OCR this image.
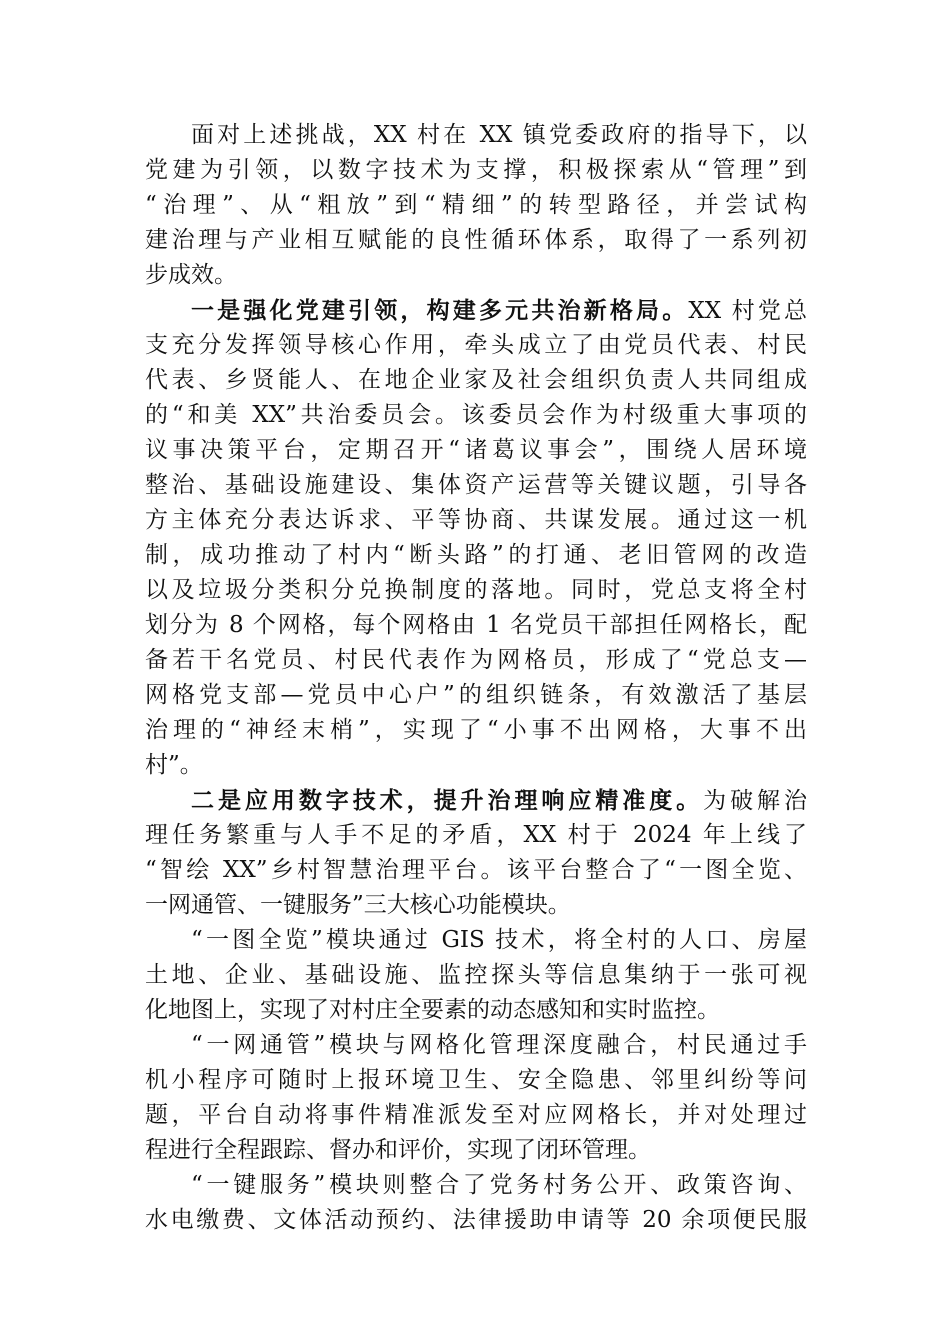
面对上述挑战，XX 村在 XX 镇党委政府的指导下，以
党建为引领，以数字技术为支撑，积极探索从“管理”到
“治理”、从“粗放”到“精细”的转型路径，并尝试构
建治理与产业相互赋能的良性循环体系，取得了一系列初
步成效。
一是强化党建引领，构建多元共治新格局。XX 村党总
支充分发挥领导核心作用，牵头成立了由党员代表、村民
代表、乡贤能人、在地企业家及社会组织负责人共同组成
的“和美 XX”共治委员会。该委员会作为村级重大事项的
议事决策平台，定期召开“诸葛议事会”，围绕人居环境
整治、基础设施建设、集体资产运营等关键议题，引导各
方主体充分表达诉求、平等协商、共谋发展。通过这一机
制，成功推动了村内“断头路”的打通、老旧管网的改造
以及垃圾分类积分兑换制度的落地。同时，党总支将全村
划分为 8 个网格，每个网格由 1 名党员干部担任网格长，配
备若干名党员、村民代表作为网格员，形成了“党总支—
网格党支部—党员中心户”的组织链条，有效激活了基层
治理的“神经末梢”，实现了“小事不出网格，大事不出
村”。
二是应用数字技术，提升治理响应精准度。为破解治
理任务繁重与人手不足的矛盾，XX 村于 2024 年上线了
“智绘 XX”乡村智慧治理平台。该平台整合了“一图全览、
一网通管、一键服务”三大核心功能模块。
“一图全览”模块通过 GIS 技术，将全村的人口、房屋
土地、企业、基础设施、监控探头等信息集纳于一张可视
化地图上，实现了对村庄全要素的动态感知和实时监控。
“一网通管”模块与网格化管理深度融合，村民通过手
机小程序可随时上报环境卫生、安全隐患、邻里纠纷等问
题，平台自动将事件精准派发至对应网格长，并对处理过
程进行全程跟踪、督办和评价，实现了闭环管理。
“一键服务”模块则整合了党务村务公开、政策咨询、
水电缴费、文体活动预约、法律援助申请等 20 余项便民服
